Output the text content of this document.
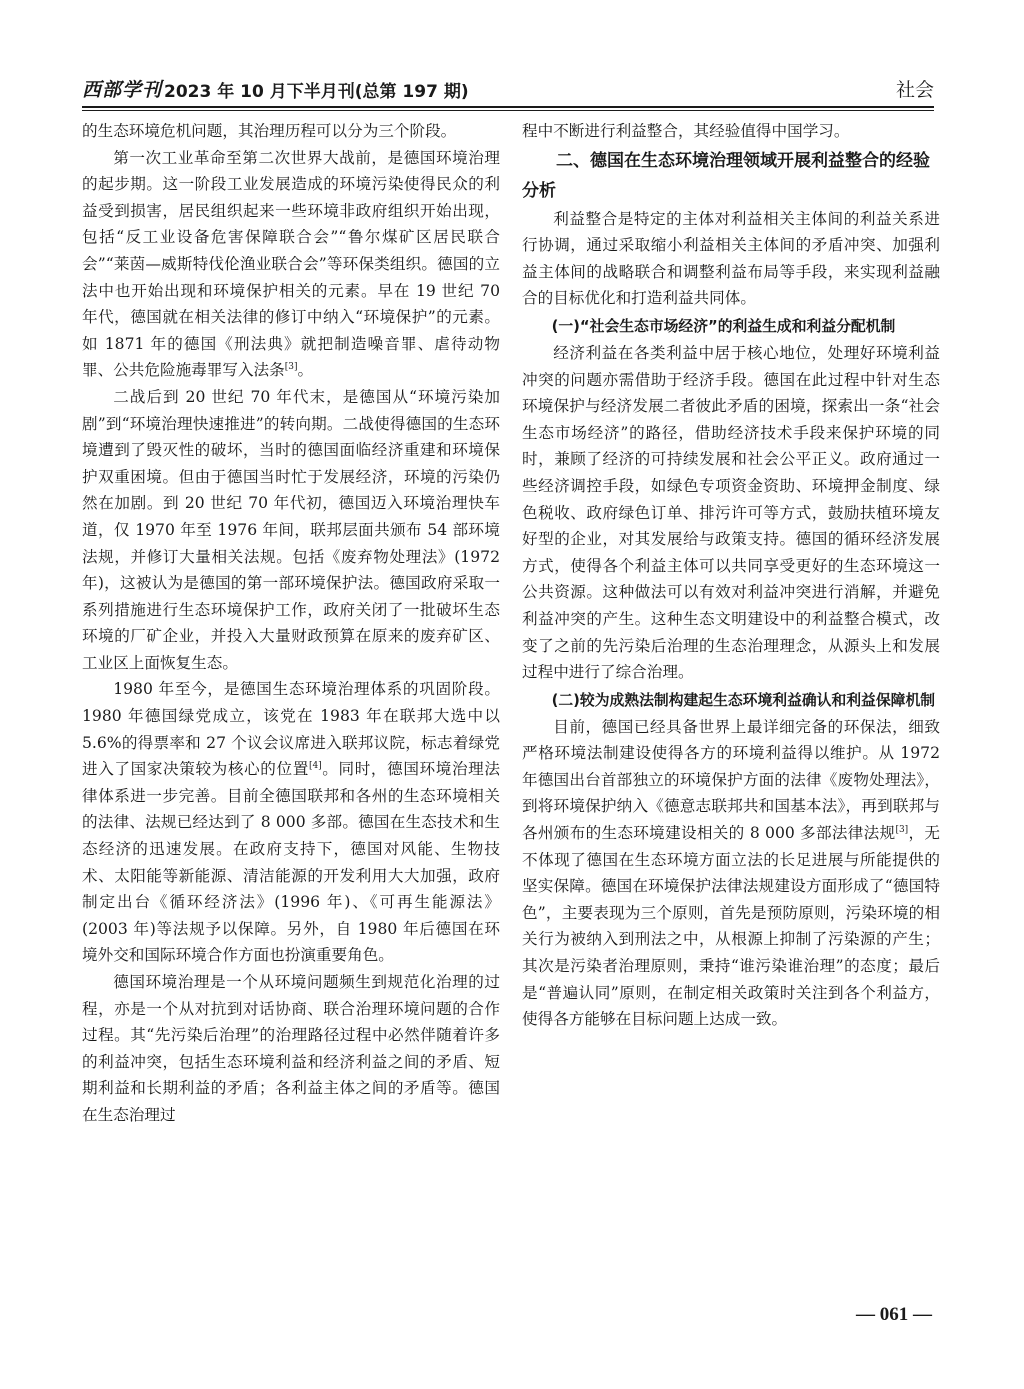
西部学刊 2023 年 10 月下半月刊(总第 197 期)	社会

的生态环境危机问题，其治理历程可以分为三个阶段。

第一次工业革命至第二次世界大战前，是德国环境治理的起步期。这一阶段工业发展造成的环境污染使得民众的利益受到损害，居民组织起来一些环境非政府组织开始出现，包括“反工业设备危害保障联合会”“鲁尔煤矿区居民联合会”“莱茵—威斯特伐伦渔业联合会”等环保类组织。德国的立法中也开始出现和环境保护相关的元素。早在 19 世纪 70 年代，德国就在相关法律的修订中纳入“环境保护”的元素。如 1871 年的德国《刑法典》就把制造噪音罪、虐待动物罪、公共危险施毒罪写入法条[3]。

二战后到 20 世纪 70 年代末，是德国从“环境污染加剧”到“环境治理快速推进”的转向期。二战使得德国的生态环境遭到了毁灭性的破坏，当时的德国面临经济重建和环境保护双重困境。但由于德国当时忙于发展经济，环境的污染仍然在加剧。到 20 世纪 70 年代初，德国迈入环境治理快车道，仅 1970 年至 1976 年间，联邦层面共颁布 54 部环境法规，并修订大量相关法规。包括《废弃物处理法》(1972 年)，这被认为是德国的第一部环境保护法。德国政府采取一系列措施进行生态环境保护工作，政府关闭了一批破坏生态环境的厂矿企业，并投入大量财政预算在原来的废弃矿区、工业区上面恢复生态。

1980 年至今，是德国生态环境治理体系的巩固阶段。1980 年德国绿党成立，该党在 1983 年在联邦大选中以 5.6%的得票率和 27 个议会议席进入联邦议院，标志着绿党进入了国家决策较为核心的位置[4]。同时，德国环境治理法律体系进一步完善。目前全德国联邦和各州的生态环境相关的法律、法规已经达到了 8 000 多部。德国在生态技术和生态经济的迅速发展。在政府支持下，德国对风能、生物技术、太阳能等新能源、清洁能源的开发利用大大加强，政府制定出台《循环经济法》(1996 年)、《可再生能源法》(2003 年)等法规予以保障。另外，自 1980 年后德国在环境外交和国际环境合作方面也扮演重要角色。

德国环境治理是一个从环境问题频生到规范化治理的过程，亦是一个从对抗到对话协商、联合治理环境问题的合作过程。其“先污染后治理”的治理路径过程中必然伴随着许多的利益冲突，包括生态环境利益和经济利益之间的矛盾、短期利益和长期利益的矛盾；各利益主体之间的矛盾等。德国在生态治理过

程中不断进行利益整合，其经验值得中国学习。

二、德国在生态环境治理领域开展利益整合的经验分析

利益整合是特定的主体对利益相关主体间的利益关系进行协调，通过采取缩小利益相关主体间的矛盾冲突、加强利益主体间的战略联合和调整利益布局等手段，来实现利益融合的目标优化和打造利益共同体。

(一)“社会生态市场经济”的利益生成和利益分配机制

经济利益在各类利益中居于核心地位，处理好环境利益冲突的问题亦需借助于经济手段。德国在此过程中针对生态环境保护与经济发展二者彼此矛盾的困境，探索出一条“社会生态市场经济”的路径，借助经济技术手段来保护环境的同时，兼顾了经济的可持续发展和社会公平正义。政府通过一些经济调控手段，如绿色专项资金资助、环境押金制度、绿色税收、政府绿色订单、排污许可等方式，鼓励扶植环境友好型的企业，对其发展给与政策支持。德国的循环经济发展方式，使得各个利益主体可以共同享受更好的生态环境这一公共资源。这种做法可以有效对利益冲突进行消解，并避免利益冲突的产生。这种生态文明建设中的利益整合模式，改变了之前的先污染后治理的生态治理理念，从源头上和发展过程中进行了综合治理。

(二)较为成熟法制构建起生态环境利益确认和利益保障机制

目前，德国已经具备世界上最详细完备的环保法，细致严格环境法制建设使得各方的环境利益得以维护。从 1972 年德国出台首部独立的环境保护方面的法律《废物处理法》，到将环境保护纳入《德意志联邦共和国基本法》，再到联邦与各州颁布的生态环境建设相关的 8 000 多部法律法规[3]，无不体现了德国在生态环境方面立法的长足进展与所能提供的坚实保障。德国在环境保护法律法规建设方面形成了“德国特色”，主要表现为三个原则，首先是预防原则，污染环境的相关行为被纳入到刑法之中，从根源上抑制了污染源的产生；其次是污染者治理原则，秉持“谁污染谁治理”的态度；最后是“普遍认同”原则，在制定相关政策时关注到各个利益方，使得各方能够在目标问题上达成一致。

— 061 —
